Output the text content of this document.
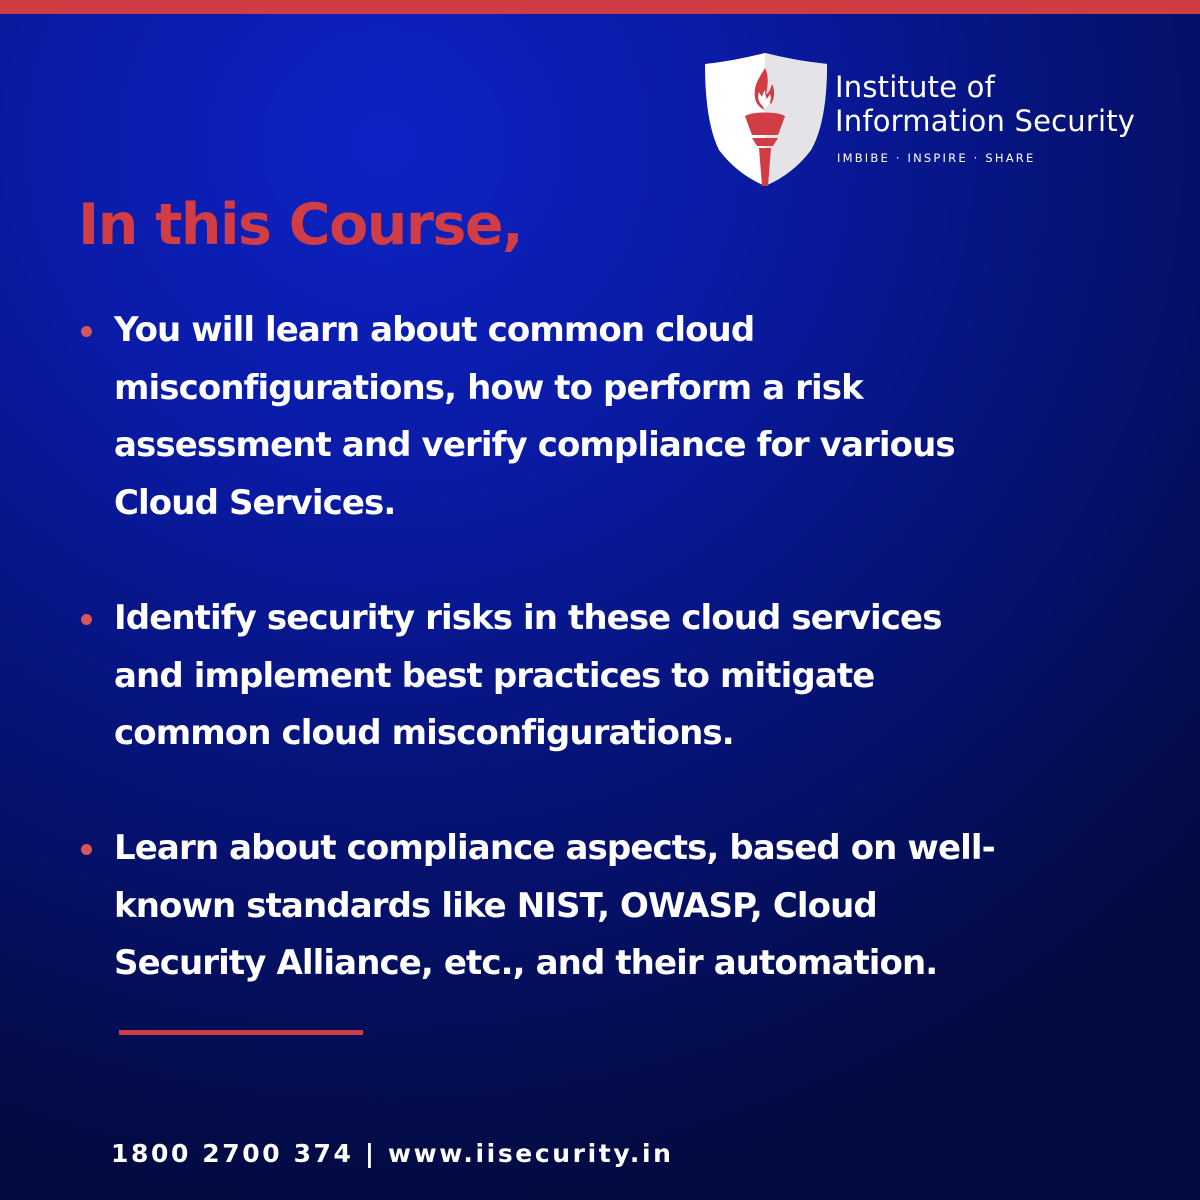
Institute of
Information Security
IMBIBE · INSPIRE · SHARE
In this Course,
You will learn about common cloud
misconfigurations, how to perform a risk
assessment and verify compliance for various
Cloud Services.
Identify security risks in these cloud services
and implement best practices to mitigate
common cloud misconfigurations.
Learn about compliance aspects, based on well-
known standards like NIST, OWASP, Cloud
Security Alliance, etc., and their automation.
1800 2700 374 | www.iisecurity.in
